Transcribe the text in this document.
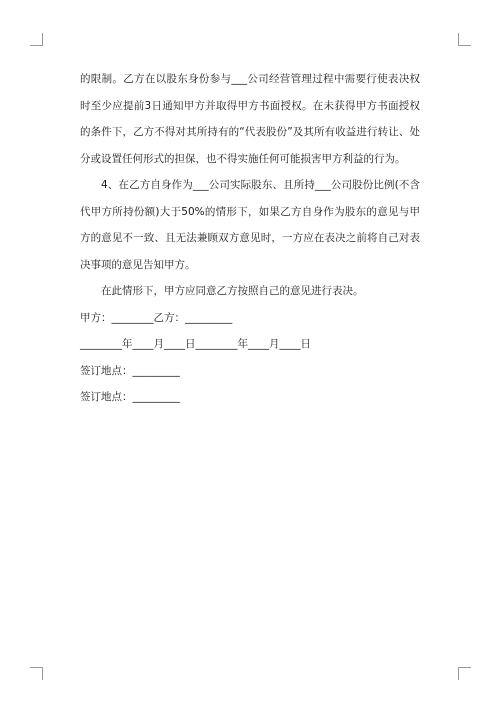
的限制。乙方在以股东身份参与___公司经营管理过程中需要行使表决权时至少应提前3日通知甲方并取得甲方书面授权。在未获得甲方书面授权的条件下，乙方不得对其所持有的“代表股份”及其所有收益进行转让、处分或设置任何形式的担保，也不得实施任何可能损害甲方利益的行为。

4、在乙方自身作为___公司实际股东、且所持___公司股份比例(不含代甲方所持份额)大于50%的情形下，如果乙方自身作为股东的意见与甲方的意见不一致、且无法兼顾双方意见时，一方应在表决之前将自己对表决事项的意见告知甲方。

在此情形下，甲方应同意乙方按照自己的意见进行表决。

甲方：________乙方：_________

________年____月____日________年____月____日

签订地点：_________

签订地点：_________
